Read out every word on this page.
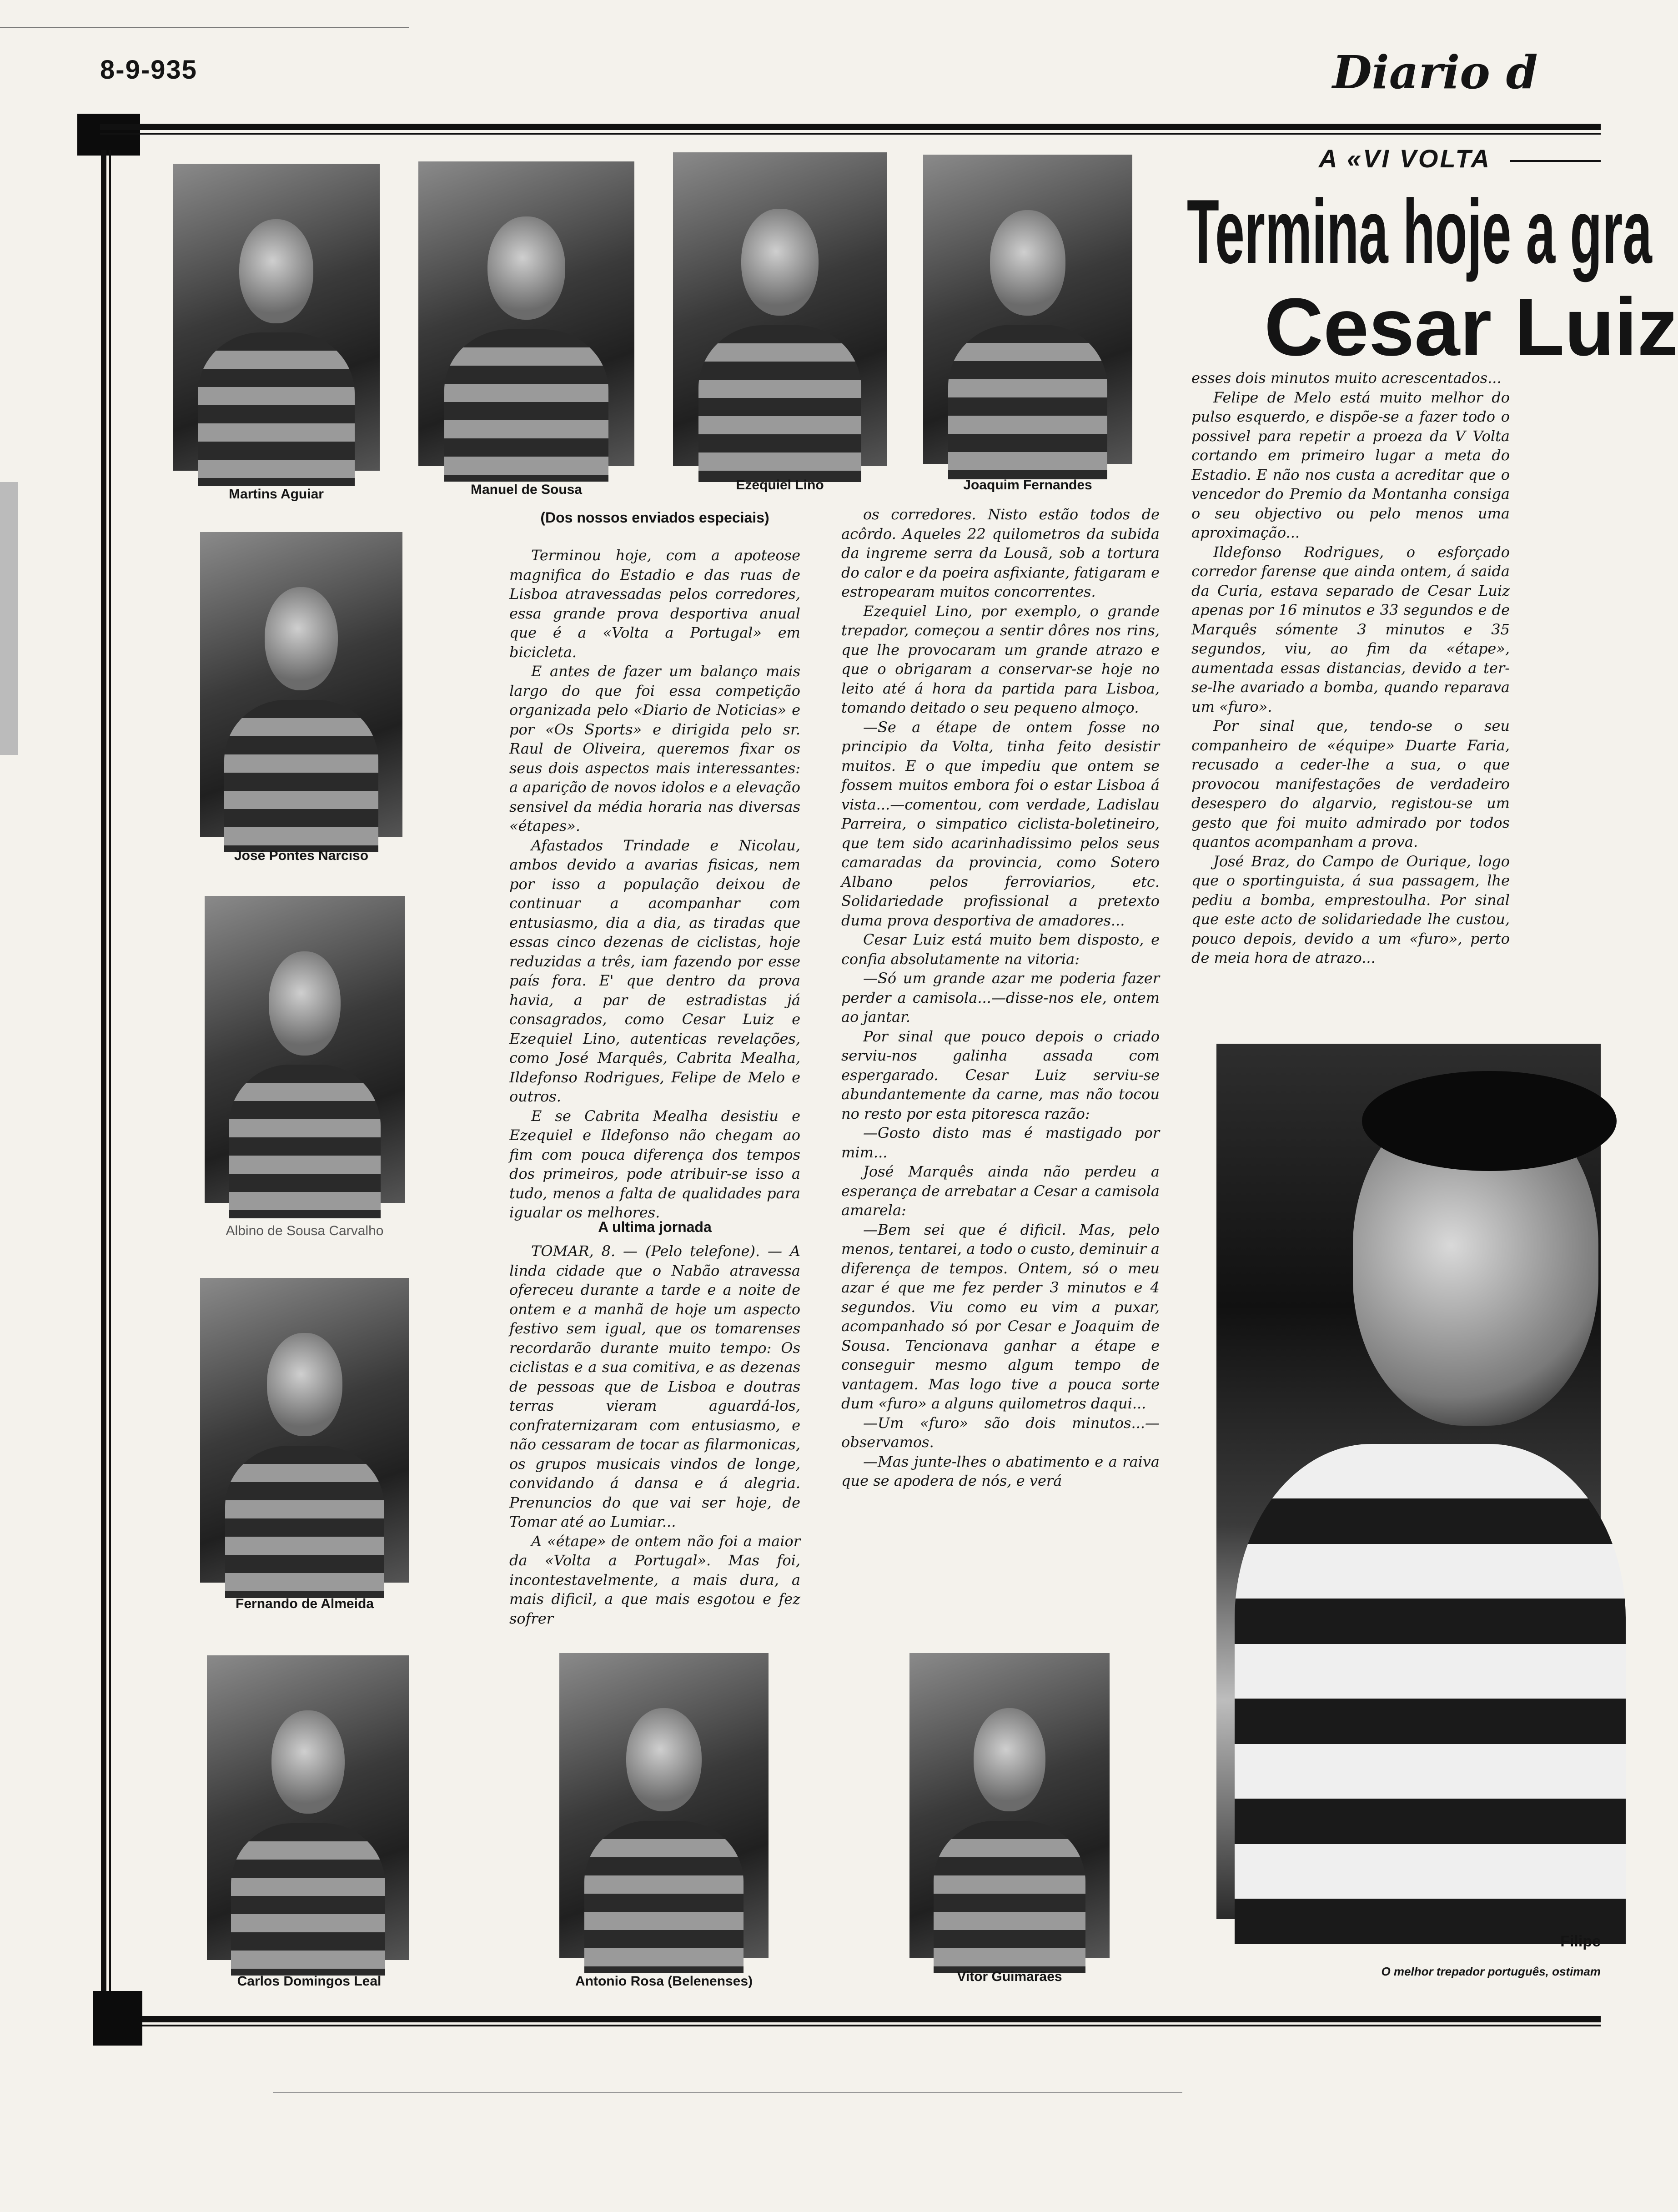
8-9-935	Diario d
Martins Aguiar	Manuel de Sousa	Ezequiel Lino	Joaquim Fernandes
José Pontes Narciso
Albino de Sousa Carvalho
Fernando de Almeida
Carlos Domingos Leal	Antonio Rosa (Belenenses)	Vitor Guimarães
(Dos nossos enviados especiais)

Terminou hoje, com a apoteose magnifica do Estadio e das ruas de Lisboa atravessadas pelos corredores, essa grande prova desportiva anual que é a «Volta a Portugal» em bicicleta.

E antes de fazer um balanço mais largo do que foi essa competição organizada pelo «Diario de Noticias» e por «Os Sports» e dirigida pelo sr. Raul de Oliveira, queremos fixar os seus dois aspectos mais interessantes: a aparição de novos idolos e a elevação sensivel da média horaria nas diversas «étapes».

Afastados Trindade e Nicolau, ambos devido a avarias fisicas, nem por isso a população deixou de continuar a acompanhar com entusiasmo, dia a dia, as tiradas que essas cinco dezenas de ciclistas, hoje reduzidas a três, iam fazendo por esse país fora. E' que dentro da prova havia, a par de estradistas já consagrados, como Cesar Luiz e Ezequiel Lino, autenticas revelações, como José Marquês, Cabrita Mealha, Ildefonso Rodrigues, Felipe de Melo e outros.

E se Cabrita Mealha desistiu e Ezequiel e Ildefonso não chegam ao fim com pouca diferença dos tempos dos primeiros, pode atribuir-se isso a tudo, menos a falta de qualidades para igualar os melhores.

A ultima jornada

TOMAR, 8. — (Pelo telefone). — A linda cidade que o Nabão atravessa ofereceu durante a tarde e a noite de ontem e a manhã de hoje um aspecto festivo sem igual, que os tomarenses recordarão durante muito tempo: Os ciclistas e a sua comitiva, e as dezenas de pessoas que de Lisboa e doutras terras vieram aguardá-los, confraternizaram com entusiasmo, e não cessaram de tocar as filarmonicas, os grupos musicais vindos de longe, convidando á dansa e á alegria. Prenuncios do que vai ser hoje, de Tomar até ao Lumiar...

A «étape» de ontem não foi a maior da «Volta a Portugal». Mas foi, incontestavelmente, a mais dura, a mais dificil, a que mais esgotou e fez sofrer

os corredores. Nisto estão todos de acôrdo. Aqueles 22 quilometros da subida da ingreme serra da Lousã, sob a tortura do calor e da poeira asfixiante, fatigaram e estropearam muitos concorrentes.

Ezequiel Lino, por exemplo, o grande trepador, começou a sentir dôres nos rins, que lhe provocaram um grande atrazo e que o obrigaram a conservar-se hoje no leito até á hora da partida para Lisboa, tomando deitado o seu pequeno almoço.

—Se a étape de ontem fosse no principio da Volta, tinha feito desistir muitos. E o que impediu que ontem se fossem muitos embora foi o estar Lisboa á vista...—comentou, com verdade, Ladislau Parreira, o simpatico ciclista-boletineiro, que tem sido acarinhadissimo pelos seus camaradas da provincia, como Sotero Albano pelos ferroviarios, etc. Solidariedade profissional a pretexto duma prova desportiva de amadores...

Cesar Luiz está muito bem disposto, e confia absolutamente na vitoria:

—Só um grande azar me poderia fazer perder a camisola...—disse-nos ele, ontem ao jantar.

Por sinal que pouco depois o criado serviu-nos galinha assada com espergarado. Cesar Luiz serviu-se abundantemente da carne, mas não tocou no resto por esta pitoresca razão:

—Gosto disto mas é mastigado por mim...

José Marquês ainda não perdeu a esperança de arrebatar a Cesar a camisola amarela:

—Bem sei que é dificil. Mas, pelo menos, tentarei, a todo o custo, deminuir a diferença de tempos. Ontem, só o meu azar é que me fez perder 3 minutos e 4 segundos. Viu como eu vim a puxar, acompanhado só por Cesar e Joaquim de Sousa. Tencionava ganhar a étape e conseguir mesmo algum tempo de vantagem. Mas logo tive a pouca sorte dum «furo» a alguns quilometros daqui...

—Um «furo» são dois minutos...— observamos.

—Mas junte-lhes o abatimento e a raiva que se apodera de nós, e verá

A «VI VOLTA
Termina hoje a gra
Cesar Luiz

esses dois minutos muito acrescentados...

Felipe de Melo está muito melhor do pulso esquerdo, e dispõe-se a fazer todo o possivel para repetir a proeza da V Volta cortando em primeiro lugar a meta do Estadio. E não nos custa a acreditar que o vencedor do Premio da Montanha consiga o seu objectivo ou pelo menos uma aproximação...

Ildefonso Rodrigues, o esforçado corredor farense que ainda ontem, á saida da Curia, estava separado de Cesar Luiz apenas por 16 minutos e 33 segundos e de Marquês sómente 3 minutos e 35 segundos, viu, ao fim da «étape», aumentada essas distancias, devido a ter-se-lhe avariado a bomba, quando reparava um «furo».

Por sinal que, tendo-se o seu companheiro de «équipe» Duarte Faria, recusado a ceder-lhe a sua, o que provocou manifestações de verdadeiro desespero do algarvio, registou-se um gesto que foi muito admirado por todos quantos acompanham a prova.

José Braz, do Campo de Ourique, logo que o sportinguista, á sua passagem, lhe pediu a bomba, emprestoulha. Por sinal que este acto de solidariedade lhe custou, pouco depois, devido a um «furo», perto de meia hora de atrazo...

Filipe
O melhor trepador português, ostimam
